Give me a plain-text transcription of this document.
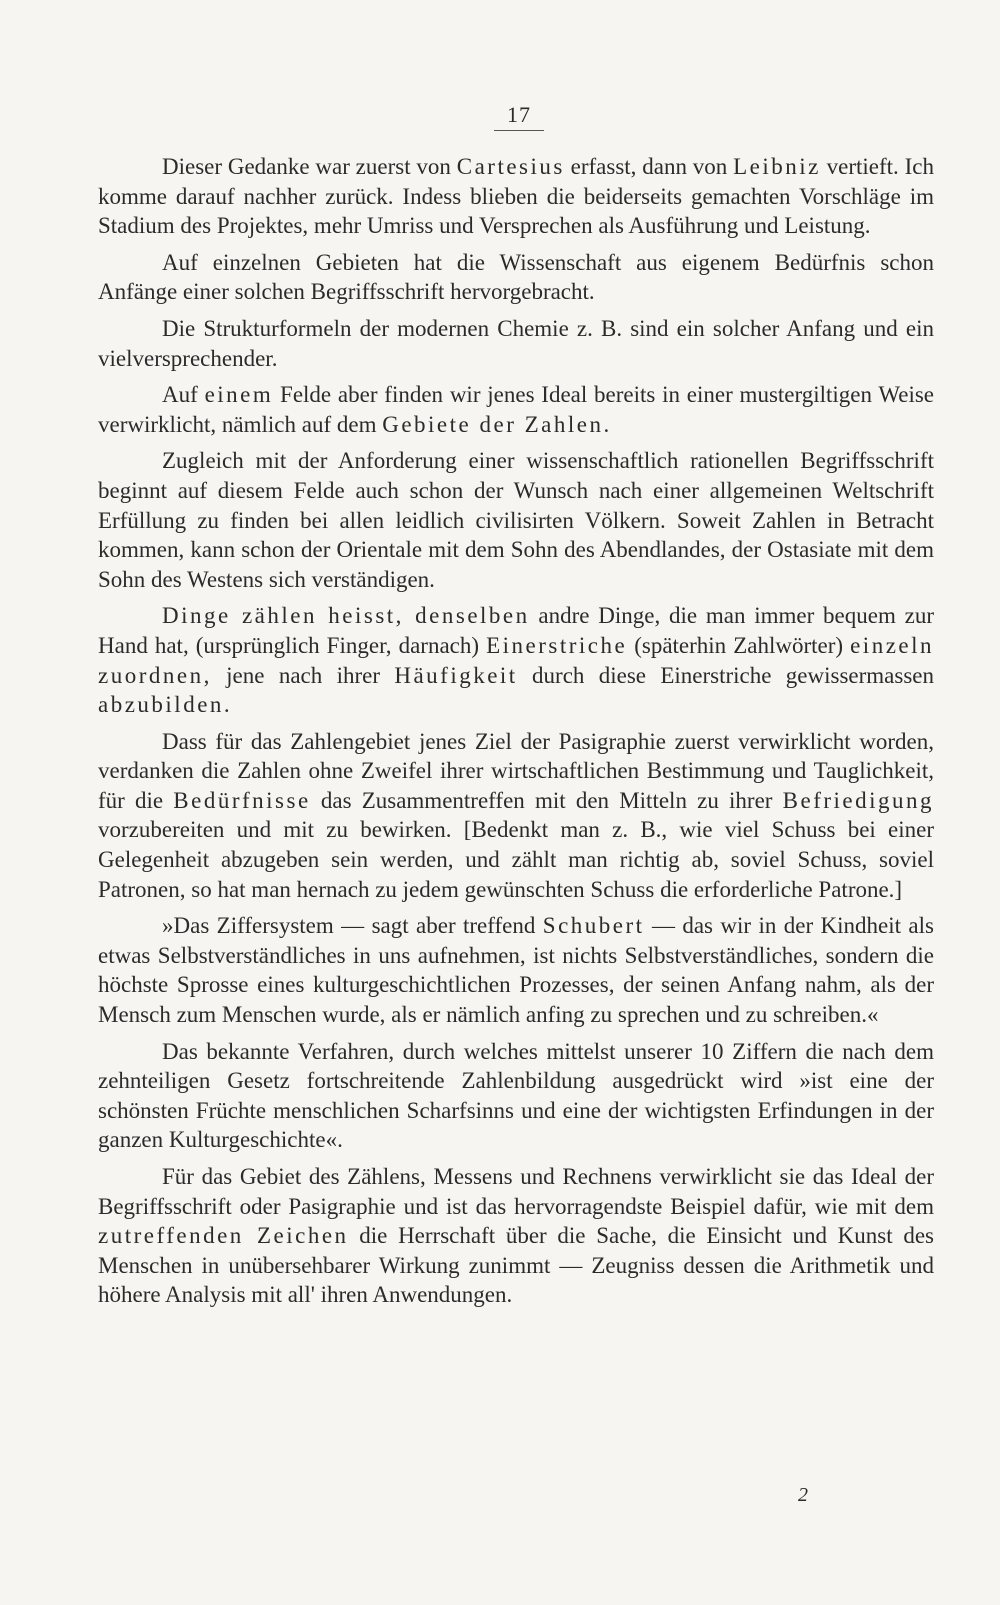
17

Dieser Gedanke war zuerst von Cartesius erfasst, dann von Leibniz vertieft. Ich komme darauf nachher zurück. Indess blieben die beiderseits gemachten Vorschläge im Stadium des Projektes, mehr Umriss und Versprechen als Ausführung und Leistung.

Auf einzelnen Gebieten hat die Wissenschaft aus eigenem Bedürfnis schon Anfänge einer solchen Begriffsschrift hervorgebracht.

Die Strukturformeln der modernen Chemie z. B. sind ein solcher Anfang und ein vielversprechender.

Auf einem Felde aber finden wir jenes Ideal bereits in einer mustergiltigen Weise verwirklicht, nämlich auf dem Gebiete der Zahlen.

Zugleich mit der Anforderung einer wissenschaftlich rationellen Begriffsschrift beginnt auf diesem Felde auch schon der Wunsch nach einer allgemeinen Weltschrift Erfüllung zu finden bei allen leidlich civilisirten Völkern. Soweit Zahlen in Betracht kommen, kann schon der Orientale mit dem Sohn des Abendlandes, der Ostasiate mit dem Sohn des Westens sich verständigen.

Dinge zählen heisst, denselben andre Dinge, die man immer bequem zur Hand hat, (ursprünglich Finger, darnach) Einerstriche (späterhin Zahlwörter) einzeln zuordnen, jene nach ihrer Häufigkeit durch diese Einerstriche gewissermassen abzubilden.

Dass für das Zahlengebiet jenes Ziel der Pasigraphie zuerst verwirklicht worden, verdanken die Zahlen ohne Zweifel ihrer wirtschaftlichen Bestimmung und Tauglichkeit, für die Bedürfnisse das Zusammentreffen mit den Mitteln zu ihrer Befriedigung vorzubereiten und mit zu bewirken. [Bedenkt man z. B., wie viel Schuss bei einer Gelegenheit abzugeben sein werden, und zählt man richtig ab, soviel Schuss, soviel Patronen, so hat man hernach zu jedem gewünschten Schuss die erforderliche Patrone.]

»Das Ziffersystem — sagt aber treffend Schubert — das wir in der Kindheit als etwas Selbstverständliches in uns aufnehmen, ist nichts Selbstverständliches, sondern die höchste Sprosse eines kulturgeschichtlichen Prozesses, der seinen Anfang nahm, als der Mensch zum Menschen wurde, als er nämlich anfing zu sprechen und zu schreiben.«

Das bekannte Verfahren, durch welches mittelst unserer 10 Ziffern die nach dem zehnteiligen Gesetz fortschreitende Zahlenbildung ausgedrückt wird »ist eine der schönsten Früchte menschlichen Scharfsinns und eine der wichtigsten Erfindungen in der ganzen Kulturgeschichte«.

Für das Gebiet des Zählens, Messens und Rechnens verwirklicht sie das Ideal der Begriffsschrift oder Pasigraphie und ist das hervorragendste Beispiel dafür, wie mit dem zutreffenden Zeichen die Herrschaft über die Sache, die Einsicht und Kunst des Menschen in unübersehbarer Wirkung zunimmt — Zeugniss dessen die Arithmetik und höhere Analysis mit all' ihren Anwendungen.

2
